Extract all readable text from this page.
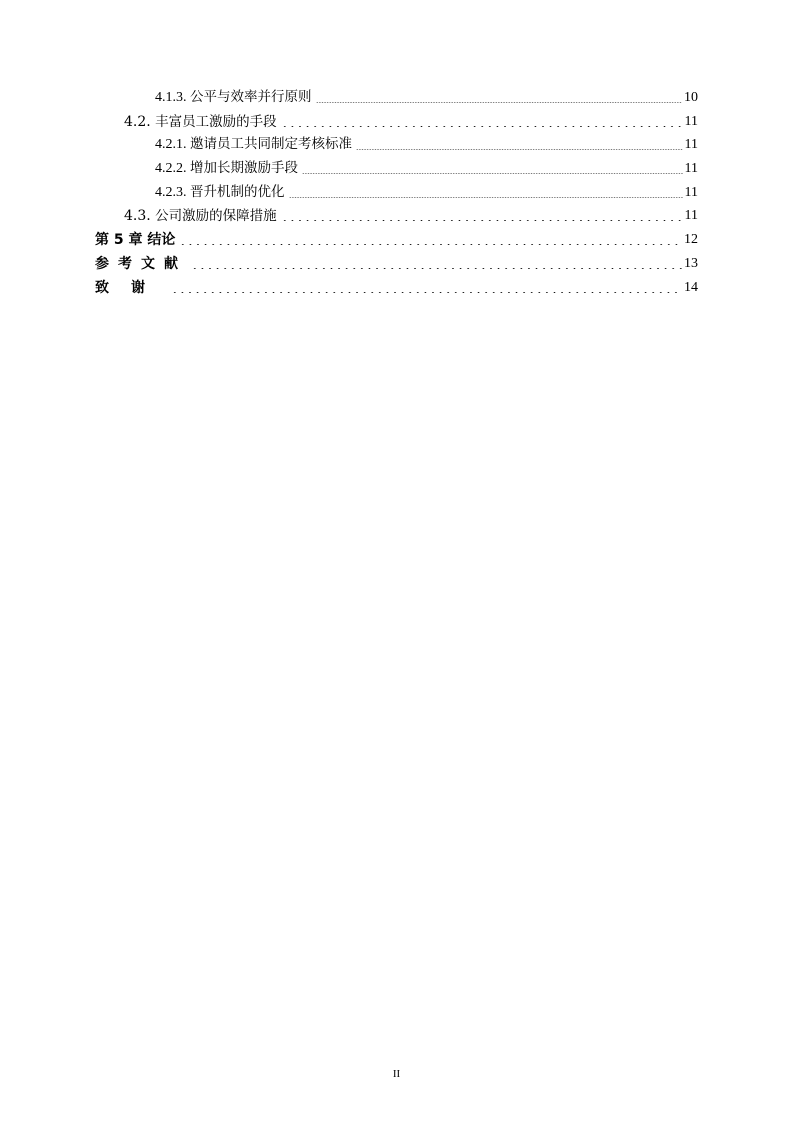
4.1.3. 公平与效率并行原则	10
4.2. 丰富员工激励的手段	11
4.2.1. 邀请员工共同制定考核标准	11
4.2.2. 增加长期激励手段	11
4.2.3. 晋升机制的优化	11
4.3. 公司激励的保障措施	11
第 5 章 结论	12
参考文献	13
致谢	14
II
